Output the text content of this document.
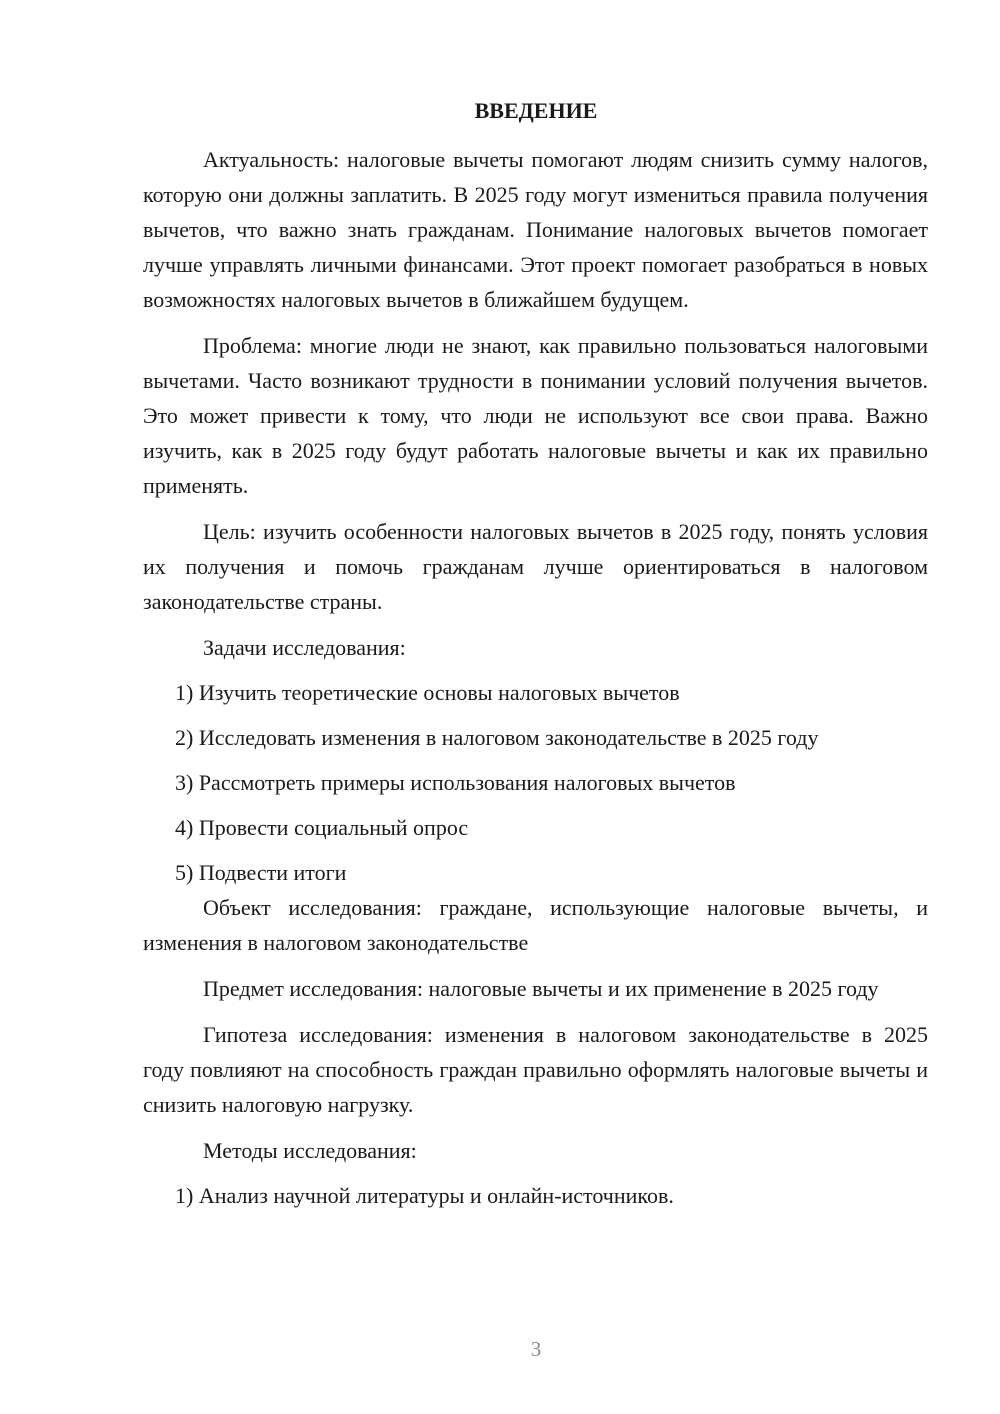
ВВЕДЕНИЕ

Актуальность: налоговые вычеты помогают людям снизить сумму налогов, которую они должны заплатить. В 2025 году могут измениться правила получения вычетов, что важно знать гражданам. Понимание налоговых вычетов помогает лучше управлять личными финансами. Этот проект помогает разобраться в новых возможностях налоговых вычетов в ближайшем будущем.

Проблема: многие люди не знают, как правильно пользоваться налоговыми вычетами. Часто возникают трудности в понимании условий получения вычетов. Это может привести к тому, что люди не используют все свои права. Важно изучить, как в 2025 году будут работать налоговые вычеты и как их правильно применять.

Цель: изучить особенности налоговых вычетов в 2025 году, понять условия их получения и помочь гражданам лучше ориентироваться в налоговом законодательстве страны.

Задачи исследования:

1) Изучить теоретические основы налоговых вычетов

2) Исследовать изменения в налоговом законодательстве в 2025 году

3) Рассмотреть примеры использования налоговых вычетов

4) Провести социальный опрос

5) Подвести итоги

Объект исследования: граждане, использующие налоговые вычеты, и изменения в налоговом законодательстве

Предмет исследования: налоговые вычеты и их применение в 2025 году

Гипотеза исследования: изменения в налоговом законодательстве в 2025 году повлияют на способность граждан правильно оформлять налоговые вычеты и снизить налоговую нагрузку.

Методы исследования:

1) Анализ научной литературы и онлайн-источников.

3
